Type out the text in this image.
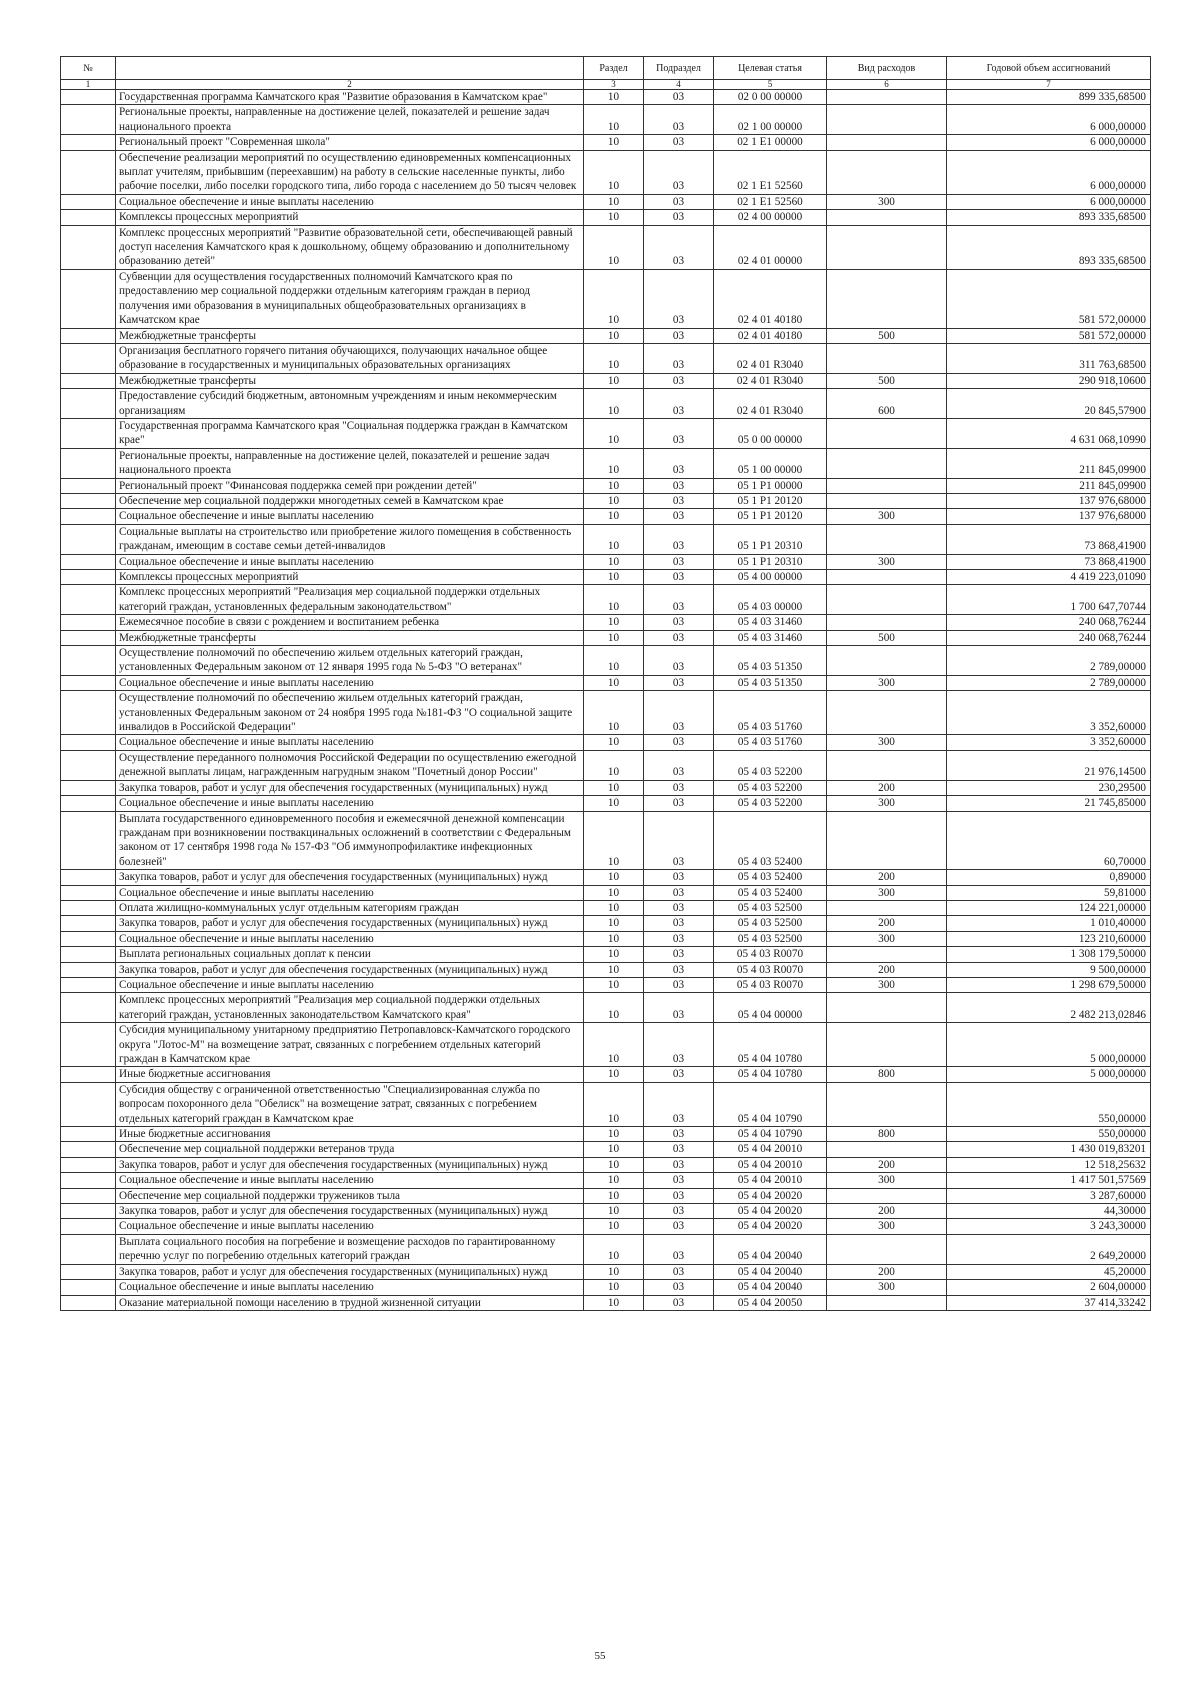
№		Раздел	Подраздел	Целевая статья	Вид расходов	Годовой объем ассигнований
1	2	3	4	5	6	7
	Государственная программа Камчатского края "Развитие образования в Камчатском крае"	10	03	02 0 00 00000		899 335,68500
	Региональные проекты, направленные на достижение целей, показателей и решение задач национального проекта	10	03	02 1 00 00000		6 000,00000
	Региональный проект "Современная школа"	10	03	02 1 E1 00000		6 000,00000
	Обеспечение реализации мероприятий по осуществлению единовременных компенсационных выплат учителям, прибывшим (переехавшим) на работу в сельские населенные пункты, либо рабочие поселки, либо поселки городского типа, либо города с населением до 50 тысяч человек	10	03	02 1 E1 52560		6 000,00000
	Социальное обеспечение и иные выплаты населению	10	03	02 1 E1 52560	300	6 000,00000
	Комплексы процессных мероприятий	10	03	02 4 00 00000		893 335,68500
	Комплекс процессных мероприятий "Развитие образовательной сети, обеспечивающей равный доступ населения Камчатского края к дошкольному, общему образованию и дополнительному образованию детей"	10	03	02 4 01 00000		893 335,68500
	Субвенции для осуществления государственных полномочий Камчатского края по предоставлению мер социальной поддержки отдельным категориям граждан в период получения ими образования в муниципальных общеобразовательных организациях в Камчатском крае	10	03	02 4 01 40180		581 572,00000
	Межбюджетные трансферты	10	03	02 4 01 40180	500	581 572,00000
	Организация бесплатного горячего питания обучающихся, получающих начальное общее образование в государственных и муниципальных образовательных организациях	10	03	02 4 01 R3040		311 763,68500
	Межбюджетные трансферты	10	03	02 4 01 R3040	500	290 918,10600
	Предоставление субсидий бюджетным, автономным учреждениям и иным некоммерческим организациям	10	03	02 4 01 R3040	600	20 845,57900
	Государственная программа Камчатского края "Социальная поддержка граждан в Камчатском крае"	10	03	05 0 00 00000		4 631 068,10990
	Региональные проекты, направленные на достижение целей, показателей и решение задач национального проекта	10	03	05 1 00 00000		211 845,09900
	Региональный проект "Финансовая поддержка семей при рождении детей"	10	03	05 1 P1 00000		211 845,09900
	Обеспечение мер социальной поддержки многодетных семей в Камчатском крае	10	03	05 1 P1 20120		137 976,68000
	Социальное обеспечение и иные выплаты населению	10	03	05 1 P1 20120	300	137 976,68000
	Социальные выплаты на строительство или приобретение жилого помещения в собственность гражданам, имеющим в составе семьи детей-инвалидов	10	03	05 1 P1 20310		73 868,41900
	Социальное обеспечение и иные выплаты населению	10	03	05 1 P1 20310	300	73 868,41900
	Комплексы процессных мероприятий	10	03	05 4 00 00000		4 419 223,01090
	Комплекс процессных мероприятий "Реализация мер социальной поддержки отдельных категорий граждан, установленных федеральным законодательством"	10	03	05 4 03 00000		1 700 647,70744
	Ежемесячное пособие в связи с рождением и воспитанием ребенка	10	03	05 4 03 31460		240 068,76244
	Межбюджетные трансферты	10	03	05 4 03 31460	500	240 068,76244
	Осуществление полномочий по обеспечению жильем отдельных категорий граждан, установленных Федеральным законом от 12 января 1995 года № 5-ФЗ "О ветеранах"	10	03	05 4 03 51350		2 789,00000
	Социальное обеспечение и иные выплаты населению	10	03	05 4 03 51350	300	2 789,00000
	Осуществление полномочий по обеспечению жильем отдельных категорий граждан, установленных Федеральным законом от 24 ноября 1995 года №181-ФЗ "О социальной защите инвалидов в Российской Федерации"	10	03	05 4 03 51760		3 352,60000
	Социальное обеспечение и иные выплаты населению	10	03	05 4 03 51760	300	3 352,60000
	Осуществление переданного полномочия Российской Федерации по осуществлению ежегодной денежной выплаты лицам, награжденным нагрудным знаком "Почетный донор России"	10	03	05 4 03 52200		21 976,14500
	Закупка товаров, работ и услуг для обеспечения государственных (муниципальных) нужд	10	03	05 4 03 52200	200	230,29500
	Социальное обеспечение и иные выплаты населению	10	03	05 4 03 52200	300	21 745,85000
	Выплата государственного единовременного пособия и ежемесячной денежной компенсации гражданам при возникновении поствакцинальных осложнений в соответствии с Федеральным законом от 17 сентября 1998 года № 157-ФЗ "Об иммунопрофилактике инфекционных болезней"	10	03	05 4 03 52400		60,70000
	Закупка товаров, работ и услуг для обеспечения государственных (муниципальных) нужд	10	03	05 4 03 52400	200	0,89000
	Социальное обеспечение и иные выплаты населению	10	03	05 4 03 52400	300	59,81000
	Оплата жилищно-коммунальных услуг отдельным категориям граждан	10	03	05 4 03 52500		124 221,00000
	Закупка товаров, работ и услуг для обеспечения государственных (муниципальных) нужд	10	03	05 4 03 52500	200	1 010,40000
	Социальное обеспечение и иные выплаты населению	10	03	05 4 03 52500	300	123 210,60000
	Выплата региональных социальных доплат к пенсии	10	03	05 4 03 R0070		1 308 179,50000
	Закупка товаров, работ и услуг для обеспечения государственных (муниципальных) нужд	10	03	05 4 03 R0070	200	9 500,00000
	Социальное обеспечение и иные выплаты населению	10	03	05 4 03 R0070	300	1 298 679,50000
	Комплекс процессных мероприятий "Реализация мер социальной поддержки отдельных категорий граждан, установленных законодательством Камчатского края"	10	03	05 4 04 00000		2 482 213,02846
	Субсидия муниципальному унитарному предприятию Петропавловск-Камчатского городского округа "Лотос-М" на возмещение затрат, связанных с погребением отдельных категорий граждан в Камчатском крае	10	03	05 4 04 10780		5 000,00000
	Иные бюджетные ассигнования	10	03	05 4 04 10780	800	5 000,00000
	Субсидия обществу с ограниченной ответственностью "Специализированная служба по вопросам похоронного дела "Обелиск" на возмещение затрат, связанных с погребением отдельных категорий граждан в Камчатском крае	10	03	05 4 04 10790		550,00000
	Иные бюджетные ассигнования	10	03	05 4 04 10790	800	550,00000
	Обеспечение мер социальной поддержки ветеранов труда	10	03	05 4 04 20010		1 430 019,83201
	Закупка товаров, работ и услуг для обеспечения государственных (муниципальных) нужд	10	03	05 4 04 20010	200	12 518,25632
	Социальное обеспечение и иные выплаты населению	10	03	05 4 04 20010	300	1 417 501,57569
	Обеспечение мер социальной поддержки тружеников тыла	10	03	05 4 04 20020		3 287,60000
	Закупка товаров, работ и услуг для обеспечения государственных (муниципальных) нужд	10	03	05 4 04 20020	200	44,30000
	Социальное обеспечение и иные выплаты населению	10	03	05 4 04 20020	300	3 243,30000
	Выплата социального пособия на погребение и возмещение расходов по гарантированному перечню услуг по погребению отдельных категорий граждан	10	03	05 4 04 20040		2 649,20000
	Закупка товаров, работ и услуг для обеспечения государственных (муниципальных) нужд	10	03	05 4 04 20040	200	45,20000
	Социальное обеспечение и иные выплаты населению	10	03	05 4 04 20040	300	2 604,00000
	Оказание материальной помощи населению в трудной жизненной ситуации	10	03	05 4 04 20050		37 414,33242
55
